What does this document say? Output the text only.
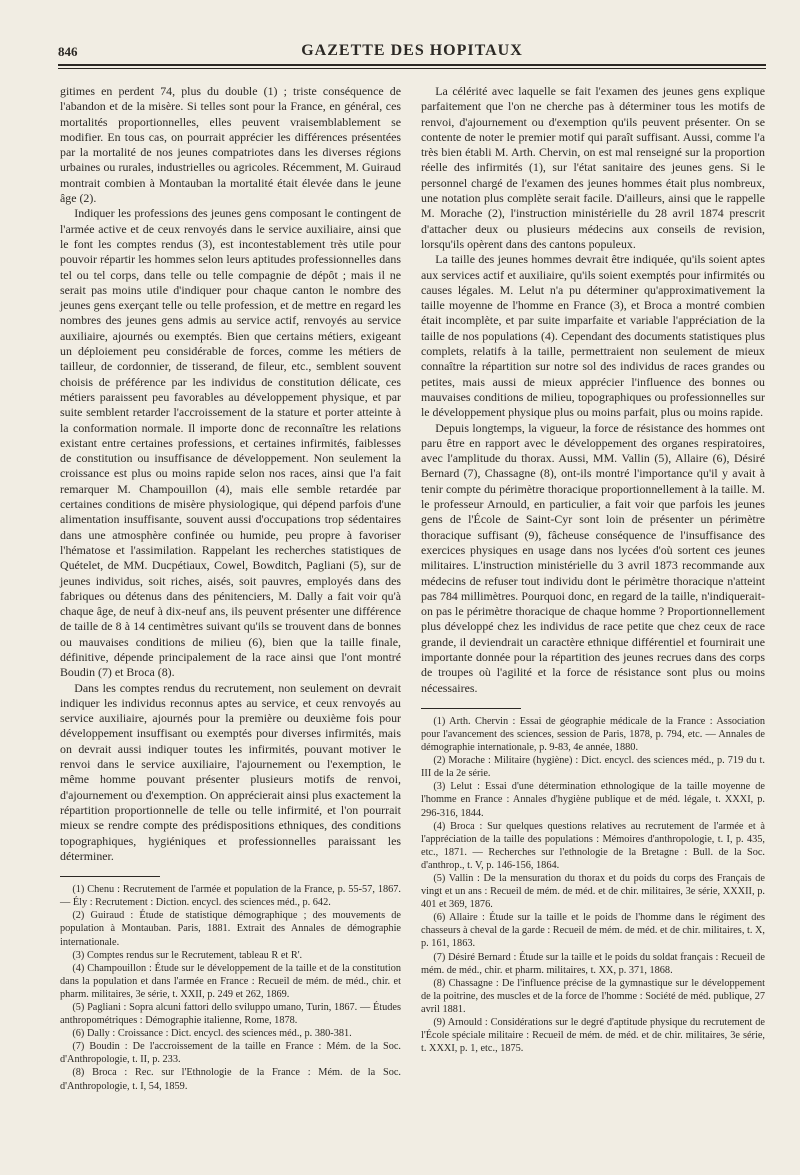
846	GAZETTE DES HOPITAUX

gitimes en perdent 74, plus du double (1) ; triste conséquence de l'abandon et de la misère. Si telles sont pour la France, en général, ces mortalités proportionnelles, elles peuvent vraisemblablement se modifier. En tous cas, on pourrait apprécier les différences présentées par la mortalité de nos jeunes compatriotes dans les diverses régions urbaines ou rurales, industrielles ou agricoles. Récemment, M. Guiraud montrait combien à Montauban la mortalité était élevée dans le jeune âge (2).

Indiquer les professions des jeunes gens composant le contingent de l'armée active et de ceux renvoyés dans le service auxiliaire, ainsi que le font les comptes rendus (3), est incontestablement très utile pour pouvoir répartir les hommes selon leurs aptitudes professionnelles dans tel ou tel corps, dans telle ou telle compagnie de dépôt ; mais il ne serait pas moins utile d'indiquer pour chaque canton le nombre des jeunes gens exerçant telle ou telle profession, et de mettre en regard les nombres des jeunes gens admis au service actif, renvoyés au service auxiliaire, ajournés ou exemptés. Bien que certains métiers, exigeant un déploiement peu considérable de forces, comme les métiers de tailleur, de cordonnier, de tisserand, de fileur, etc., semblent souvent choisis de préférence par les individus de constitution délicate, ces métiers paraissent peu favorables au développement physique, et par suite semblent retarder l'accroissement de la stature et porter atteinte à la conformation normale. Il importe donc de reconnaître les relations existant entre certaines professions, et certaines infirmités, faiblesses de constitution ou insuffisance de développement. Non seulement la croissance est plus ou moins rapide selon nos races, ainsi que l'a fait remarquer M. Champouillon (4), mais elle semble retardée par certaines conditions de misère physiologique, qui dépend parfois d'une alimentation insuffisante, souvent aussi d'occupations trop sédentaires dans une atmosphère confinée ou humide, peu propre à favoriser l'hématose et l'assimilation. Rappelant les recherches statistiques de Quételet, de MM. Ducpétiaux, Cowel, Bowditch, Pagliani (5), sur de jeunes individus, soit riches, aisés, soit pauvres, employés dans des fabriques ou détenus dans des pénitenciers, M. Dally a fait voir qu'à chaque âge, de neuf à dix-neuf ans, ils peuvent présenter une différence de taille de 8 à 14 centimètres suivant qu'ils se trouvent dans de bonnes ou mauvaises conditions de milieu (6), bien que la taille finale, définitive, dépende principalement de la race ainsi que l'ont montré Boudin (7) et Broca (8).

Dans les comptes rendus du recrutement, non seulement on devrait indiquer les individus reconnus aptes au service, et ceux renvoyés au service auxiliaire, ajournés pour la première ou deuxième fois pour développement insuffisant ou exemptés pour diverses infirmités, mais on devrait aussi indiquer toutes les infirmités, pouvant motiver le renvoi dans le service auxiliaire, l'ajournement ou l'exemption, le même homme pouvant présenter plusieurs motifs de renvoi, d'ajournement ou d'exemption. On apprécierait ainsi plus exactement la répartition proportionnelle de telle ou telle infirmité, et l'on pourrait mieux se rendre compte des prédispositions ethniques, des conditions topographiques, hygiéniques et professionnelles paraissant les déterminer.

(1) Chenu : Recrutement de l'armée et population de la France, p. 55-57, 1867. — Ély : Recrutement : Diction. encycl. des sciences méd., p. 642.

(2) Guiraud : Étude de statistique démographique ; des mouvements de population à Montauban. Paris, 1881. Extrait des Annales de démographie internationale.

(3) Comptes rendus sur le Recrutement, tableau R et R'.

(4) Champouillon : Étude sur le développement de la taille et de la constitution dans la population et dans l'armée en France : Recueil de mém. de méd., chir. et pharm. militaires, 3e série, t. XXII, p. 249 et 262, 1869.

(5) Pagliani : Sopra alcuni fattori dello sviluppo umano, Turin, 1867. — Études anthropométriques : Démographie italienne, Rome, 1878.

(6) Dally : Croissance : Dict. encycl. des sciences méd., p. 380-381.

(7) Boudin : De l'accroissement de la taille en France : Mém. de la Soc. d'Anthropologie, t. II, p. 233.

(8) Broca : Rec. sur l'Ethnologie de la France : Mém. de la Soc. d'Anthropologie, t. I, 54, 1859.

La célérité avec laquelle se fait l'examen des jeunes gens explique parfaitement que l'on ne cherche pas à déterminer tous les motifs de renvoi, d'ajournement ou d'exemption qu'ils peuvent présenter. On se contente de noter le premier motif qui paraît suffisant. Aussi, comme l'a très bien établi M. Arth. Chervin, on est mal renseigné sur la proportion réelle des infirmités (1), sur l'état sanitaire des jeunes gens. Si le personnel chargé de l'examen des jeunes hommes était plus nombreux, une notation plus complète serait facile. D'ailleurs, ainsi que le rappelle M. Morache (2), l'instruction ministérielle du 28 avril 1874 prescrit d'attacher deux ou plusieurs médecins aux conseils de revision, lorsqu'ils opèrent dans des cantons populeux.

La taille des jeunes hommes devrait être indiquée, qu'ils soient aptes aux services actif et auxiliaire, qu'ils soient exemptés pour infirmités ou causes légales. M. Lelut n'a pu déterminer qu'approximativement la taille moyenne de l'homme en France (3), et Broca a montré combien était incomplète, et par suite imparfaite et variable l'appréciation de la taille de nos populations (4). Cependant des documents statistiques plus complets, relatifs à la taille, permettraient non seulement de mieux connaître la répartition sur notre sol des individus de races grandes ou petites, mais aussi de mieux apprécier l'influence des bonnes ou mauvaises conditions de milieu, topographiques ou professionnelles sur le développement physique plus ou moins parfait, plus ou moins rapide.

Depuis longtemps, la vigueur, la force de résistance des hommes ont paru être en rapport avec le développement des organes respiratoires, avec l'amplitude du thorax. Aussi, MM. Vallin (5), Allaire (6), Désiré Bernard (7), Chassagne (8), ont-ils montré l'importance qu'il y avait à tenir compte du périmètre thoracique proportionnellement à la taille. M. le professeur Arnould, en particulier, a fait voir que parfois les jeunes gens de l'École de Saint-Cyr sont loin de présenter un périmètre thoracique suffisant (9), fâcheuse conséquence de l'insuffisance des exercices physiques en usage dans nos lycées d'où sortent ces jeunes militaires. L'instruction ministérielle du 3 avril 1873 recommande aux médecins de refuser tout individu dont le périmètre thoracique n'atteint pas 784 millimètres. Pourquoi donc, en regard de la taille, n'indiquerait-on pas le périmètre thoracique de chaque homme ? Proportionnellement plus développé chez les individus de race petite que chez ceux de race grande, il deviendrait un caractère ethnique différentiel et fournirait une importante donnée pour la répartition des jeunes recrues dans des corps de troupes où l'agilité et la force de résistance sont plus ou moins nécessaires.

(1) Arth. Chervin : Essai de géographie médicale de la France : Association pour l'avancement des sciences, session de Paris, 1878, p. 794, etc. — Annales de démographie internationale, p. 9-83, 4e année, 1880.

(2) Morache : Militaire (hygiène) : Dict. encycl. des sciences méd., p. 719 du t. III de la 2e série.

(3) Lelut : Essai d'une détermination ethnologique de la taille moyenne de l'homme en France : Annales d'hygiène publique et de méd. légale, t. XXXI, p. 296-316, 1844.

(4) Broca : Sur quelques questions relatives au recrutement de l'armée et à l'appréciation de la taille des populations : Mémoires d'anthropologie, t. I, p. 435, etc., 1871. — Recherches sur l'ethnologie de la Bretagne : Bull. de la Soc. d'anthrop., t. V, p. 146-156, 1864.

(5) Vallin : De la mensuration du thorax et du poids du corps des Français de vingt et un ans : Recueil de mém. de méd. et de chir. militaires, 3e série, XXXII, p. 401 et 369, 1876.

(6) Allaire : Étude sur la taille et le poids de l'homme dans le régiment des chasseurs à cheval de la garde : Recueil de mém. de méd. et de chir. militaires, t. X, p. 161, 1863.

(7) Désiré Bernard : Étude sur la taille et le poids du soldat français : Recueil de mém. de méd., chir. et pharm. militaires, t. XX, p. 371, 1868.

(8) Chassagne : De l'influence précise de la gymnastique sur le développement de la poitrine, des muscles et de la force de l'homme : Société de méd. publique, 27 avril 1881.

(9) Arnould : Considérations sur le degré d'aptitude physique du recrutement de l'École spéciale militaire : Recueil de mém. de méd. et de chir. militaires, 3e série, t. XXXI, p. 1, etc., 1875.
